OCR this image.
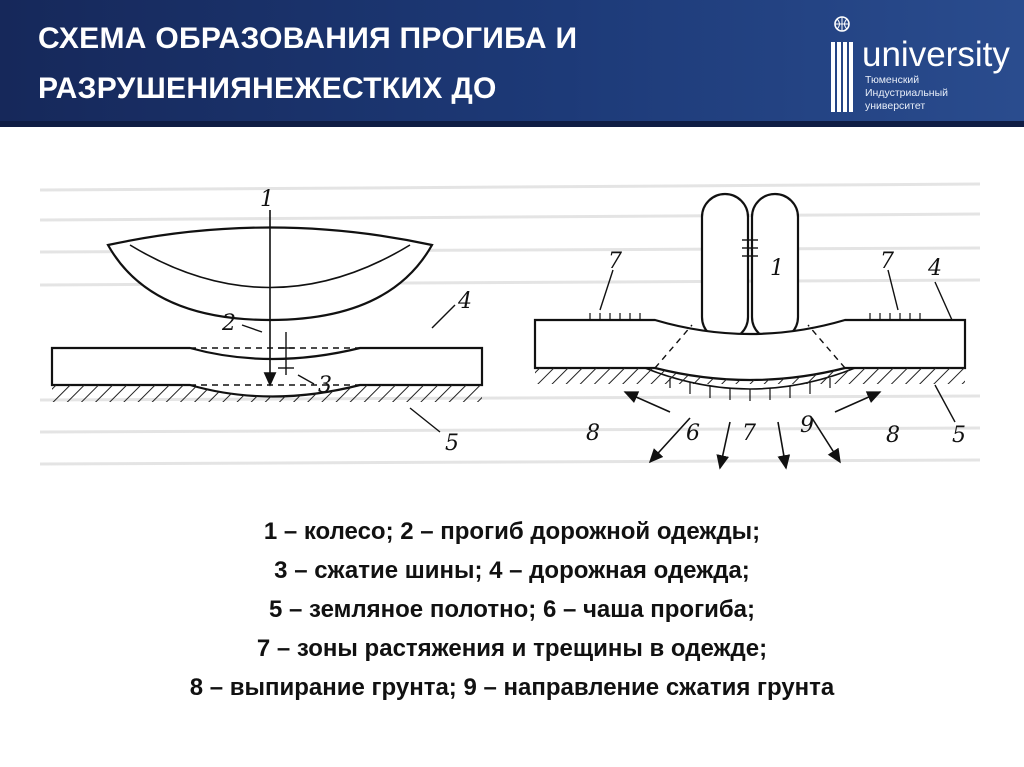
СХЕМА ОБРАЗОВАНИЯ ПРОГИБА И
РАЗРУШЕНИЯНЕЖЕСТКИХ ДО
university
Тюменский
Индустриальный
университет
1
2
3
4
5
1
7	7 4
8	6 7 9	8 5
1 – колесо; 2 – прогиб дорожной одежды;
3 – сжатие шины; 4 – дорожная одежда;
5 – земляное полотно; 6 – чаша прогиба;
7 – зоны растяжения и трещины в одежде;
8 – выпирание грунта; 9 – направление сжатия грунта
